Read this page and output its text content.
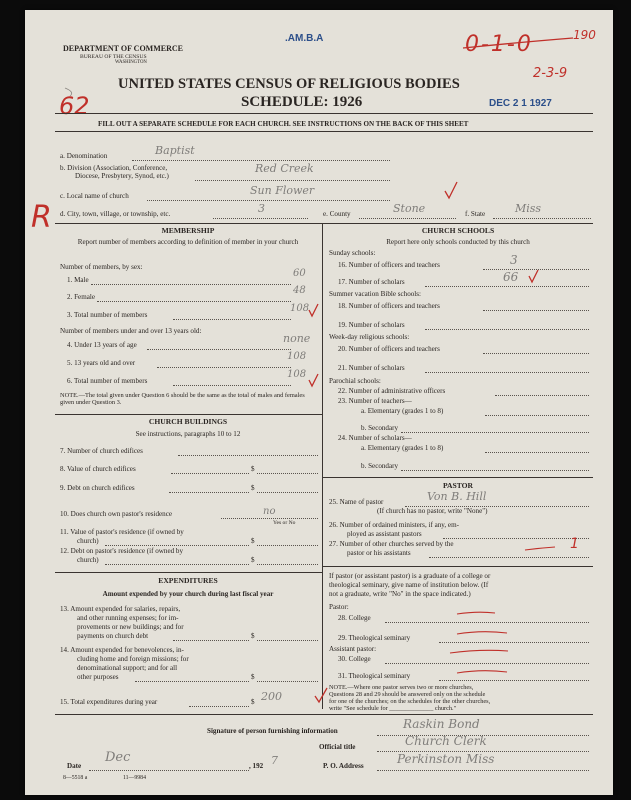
DEPARTMENT OF COMMERCE
BUREAU OF THE CENSUS
WASHINGTON
.AM.B.A
UNITED STATES CENSUS OF RELIGIOUS BODIES
SCHEDULE: 1926	DEC 2 1 1927
62
R
0-1-0	190
2-3-9
FILL OUT A SEPARATE SCHEDULE FOR EACH CHURCH. SEE INSTRUCTIONS ON THE BACK OF THIS SHEET
a. Denomination	Baptist
b. Division (Association, Conference,
Diocese, Presbytery, Synod, etc.)
Red Creek
c. Local name of church	Sun Flower
d. City, town, village, or township, etc.	3	e. County	Stone	f. State	Miss
MEMBERSHIP
Report number of members according to definition of member in your church
Number of members, by sex:
1. Male
60
2. Female
48
3. Total number of members
108
Number of members under and over 13 years old:
4. Under 13 years of age	none
5. 13 years old and over
108
6. Total number of members
108
NOTE.—The total given under Question 6 should be the same as the total of males and females given under Question 3.
CHURCH BUILDINGS
See instructions, paragraphs 10 to 12
7. Number of church edifices
8. Value of church edifices	$
9. Debt on church edifices	$
10. Does church own pastor's residence	no
Yes or No
11. Value of pastor's residence (if owned by
church)	$
12. Debt on pastor's residence (if owned by
church)	$
EXPENDITURES
Amount expended by your church during last fiscal year
13. Amount expended for salaries, repairs,
and other running expenses; for im-
provements or new buildings; and for
payments on church debt	$
14. Amount expended for benevolences, in-
cluding home and foreign missions; for
denominational support; and for all
other purposes	$
15. Total expenditures during year	$ 200
CHURCH SCHOOLS
Report here only schools conducted by this church
Sunday schools:
16. Number of officers and teachers	3
17. Number of scholars	66
Summer vacation Bible schools:
18. Number of officers and teachers
19. Number of scholars
Week-day religious schools:
20. Number of officers and teachers
21. Number of scholars
Parochial schools:
22. Number of administrative officers
23. Number of teachers—
a. Elementary (grades 1 to 8)
b. Secondary
24. Number of scholars—
a. Elementary (grades 1 to 8)
b. Secondary
PASTOR
25. Name of pastor	Von B. Hill
(If church has no pastor, write "None")
26. Number of ordained ministers, if any, em-
ployed as assistant pastors
27. Number of other churches served by the
pastor or his assistants
1
If pastor (or assistant pastor) is a graduate of a college or
theological seminary, give name of institution below. (If
not a graduate, write "No" in the space indicated.)
Pastor:
28. College
29. Theological seminary
Assistant pastor:
30. College
31. Theological seminary
NOTE.—Where one pastor serves two or more churches,
Questions 28 and 29 should be answered only on the schedule
for one of the churches; on the schedules for the other churches,
write "See schedule for ______________ church."
Signature of person furnishing information	Raskin Bond
Official title	Church Clerk
Date
Dec
, 192 7	P. O. Address	Perkinston Miss
8—5518 a	11—9984
